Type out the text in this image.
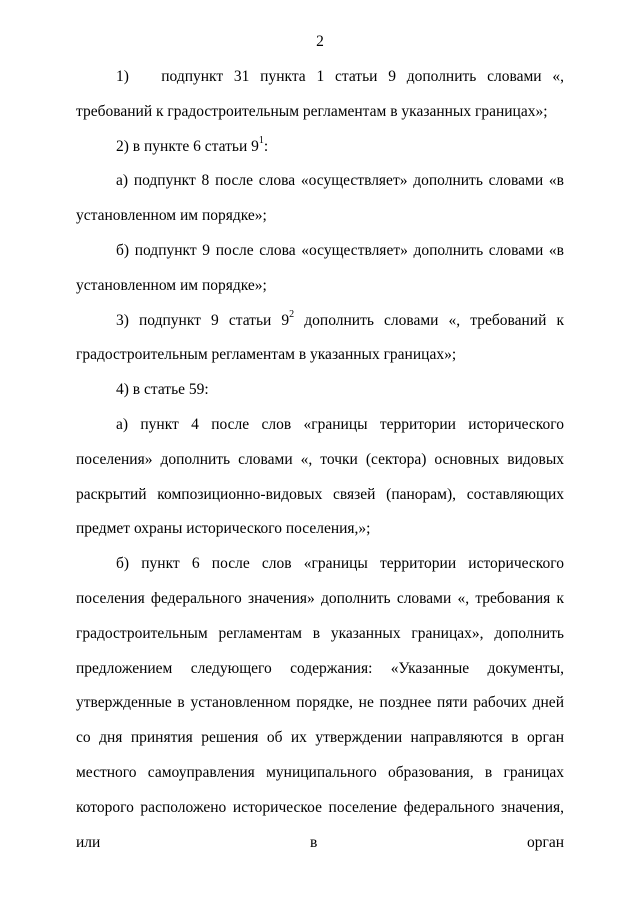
2

1)   подпункт 31 пункта 1 статьи 9 дополнить словами «, требований к градостроительным регламентам в указанных границах»;

2) в пункте 6 статьи $9^1$:

а) подпункт 8 после слова «осуществляет» дополнить словами «в установленном им порядке»;

б) подпункт 9 после слова «осуществляет» дополнить словами «в установленном им порядке»;

3) подпункт 9 статьи $9^2$ дополнить словами «, требований к градостроительным регламентам в указанных границах»;

4) в статье 59:

а) пункт 4 после слов «границы территории исторического поселения» дополнить словами «, точки (сектора) основных видовых раскрытий композиционно-видовых связей (панорам), составляющих предмет охраны исторического поселения,»;

б) пункт 6 после слов «границы территории исторического поселения федерального значения» дополнить словами «, требования к градостроительным регламентам в указанных границах», дополнить предложением следующего содержания: «Указанные документы, утвержденные в установленном порядке, не позднее пяти рабочих дней со дня принятия решения об их утверждении направляются в орган местного самоуправления муниципального образования, в границах которого расположено историческое поселение федерального значения, или в орган
